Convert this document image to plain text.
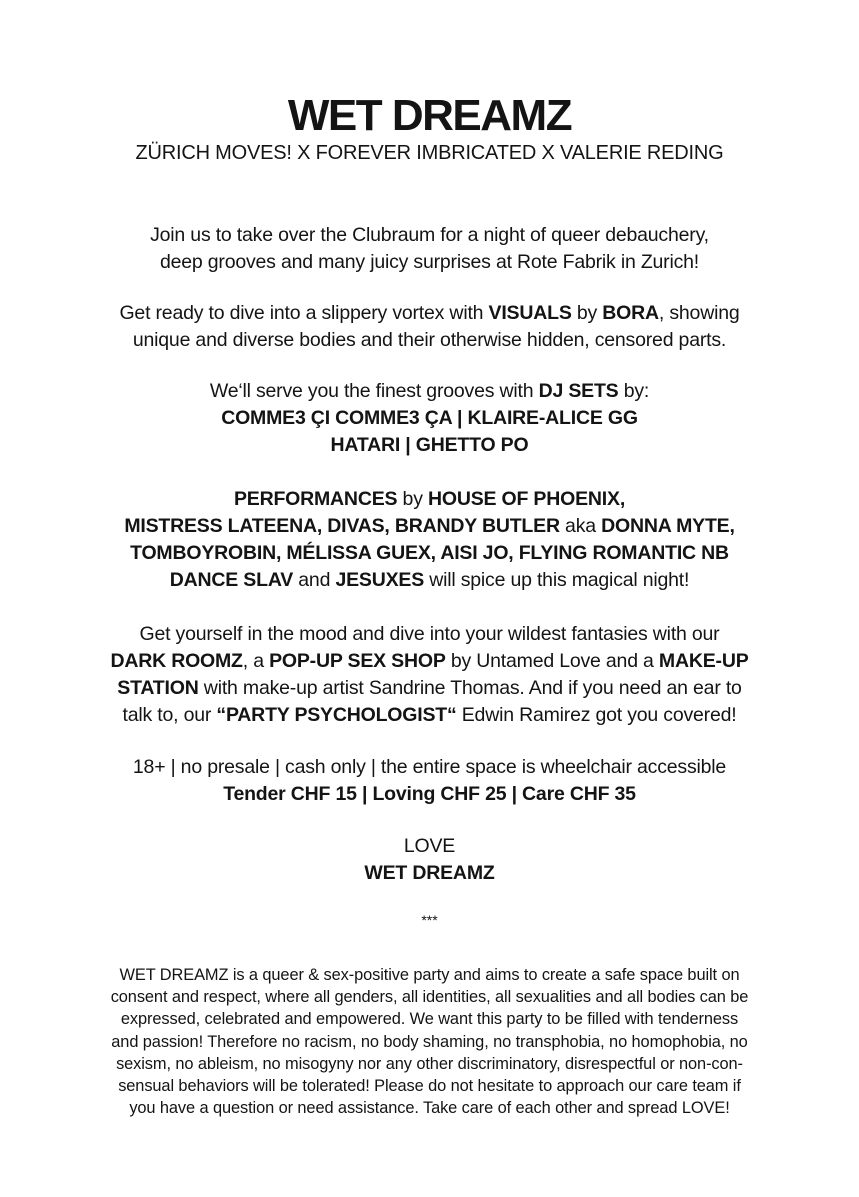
WET DREAMZ
ZÜRICH MOVES! X FOREVER IMBRICATED X VALERIE REDING
Join us to take over the Clubraum for a night of queer debauchery,
deep grooves and many juicy surprises at Rote Fabrik in Zurich!
Get ready to dive into a slippery vortex with VISUALS by BORA, showing
unique and diverse bodies and their otherwise hidden, censored parts.
We‘ll serve you the finest grooves with DJ SETS by:
COMME3 ÇI COMME3 ÇA | KLAIRE-ALICE GG
HATARI | GHETTO PO
PERFORMANCES by HOUSE OF PHOENIX,
MISTRESS LATEENA, DIVAS, BRANDY BUTLER aka DONNA MYTE,
TOMBOYROBIN, MÉLISSA GUEX, AISI JO, FLYING ROMANTIC NB
DANCE SLAV and JESUXES will spice up this magical night!
Get yourself in the mood and dive into your wildest fantasies with our
DARK ROOMZ, a POP-UP SEX SHOP by Untamed Love and a MAKE-UP
STATION with make-up artist Sandrine Thomas. And if you need an ear to
talk to, our “PARTY PSYCHOLOGIST“ Edwin Ramirez got you covered!
18+ | no presale | cash only | the entire space is wheelchair accessible
Tender CHF 15 | Loving CHF 25 | Care CHF 35
LOVE
WET DREAMZ
***
WET DREAMZ is a queer & sex-positive party and aims to create a safe space built on
consent and respect, where all genders, all identities, all sexualities and all bodies can be
expressed, celebrated and empowered. We want this party to be filled with tenderness
and passion! Therefore no racism, no body shaming, no transphobia, no homophobia, no
sexism, no ableism, no misogyny nor any other discriminatory, disrespectful or non-con-
sensual behaviors will be tolerated! Please do not hesitate to approach our care team if
you have a question or need assistance. Take care of each other and spread LOVE!
